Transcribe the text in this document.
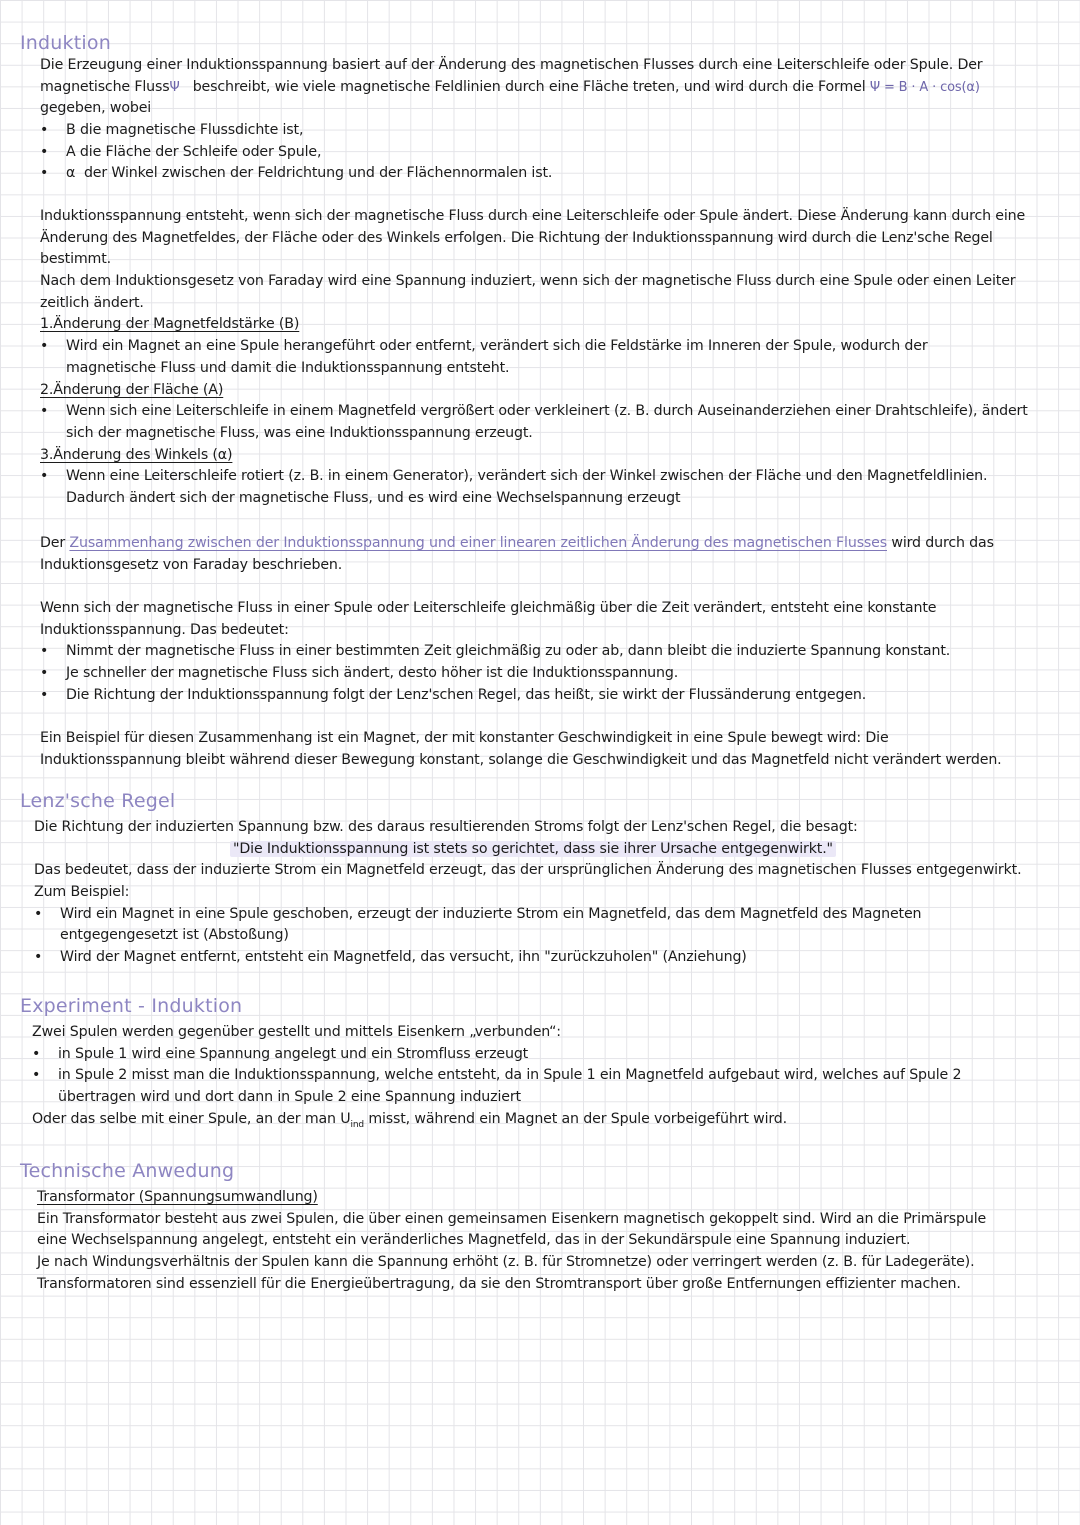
Induktion
Die Erzeugung einer Induktionsspannung basiert auf der Änderung des magnetischen Flusses durch eine Leiterschleife oder Spule. Der
magnetische FlussΨ beschreibt, wie viele magnetische Feldlinien durch eine Fläche treten, und wird durch die Formel Ψ = B · A · cos(α)
gegeben, wobei
• B die magnetische Flussdichte ist,
• A die Fläche der Schleife oder Spule,
• α der Winkel zwischen der Feldrichtung und der Flächennormalen ist.
Induktionsspannung entsteht, wenn sich der magnetische Fluss durch eine Leiterschleife oder Spule ändert. Diese Änderung kann durch eine
Änderung des Magnetfeldes, der Fläche oder des Winkels erfolgen. Die Richtung der Induktionsspannung wird durch die Lenz'sche Regel
bestimmt.
Nach dem Induktionsgesetz von Faraday wird eine Spannung induziert, wenn sich der magnetische Fluss durch eine Spule oder einen Leiter
zeitlich ändert.
1.Änderung der Magnetfeldstärke (B)
• Wird ein Magnet an eine Spule herangeführt oder entfernt, verändert sich die Feldstärke im Inneren der Spule, wodurch der
magnetische Fluss und damit die Induktionsspannung entsteht.
2.Änderung der Fläche (A)
• Wenn sich eine Leiterschleife in einem Magnetfeld vergrößert oder verkleinert (z. B. durch Auseinanderziehen einer Drahtschleife), ändert
sich der magnetische Fluss, was eine Induktionsspannung erzeugt.
3.Änderung des Winkels (α)
• Wenn eine Leiterschleife rotiert (z. B. in einem Generator), verändert sich der Winkel zwischen der Fläche und den Magnetfeldlinien.
Dadurch ändert sich der magnetische Fluss, und es wird eine Wechselspannung erzeugt
Der Zusammenhang zwischen der Induktionsspannung und einer linearen zeitlichen Änderung des magnetischen Flusses wird durch das
Induktionsgesetz von Faraday beschrieben.
Wenn sich der magnetische Fluss in einer Spule oder Leiterschleife gleichmäßig über die Zeit verändert, entsteht eine konstante
Induktionsspannung. Das bedeutet:
• Nimmt der magnetische Fluss in einer bestimmten Zeit gleichmäßig zu oder ab, dann bleibt die induzierte Spannung konstant.
• Je schneller der magnetische Fluss sich ändert, desto höher ist die Induktionsspannung.
• Die Richtung der Induktionsspannung folgt der Lenz'schen Regel, das heißt, sie wirkt der Flussänderung entgegen.
Ein Beispiel für diesen Zusammenhang ist ein Magnet, der mit konstanter Geschwindigkeit in eine Spule bewegt wird: Die
Induktionsspannung bleibt während dieser Bewegung konstant, solange die Geschwindigkeit und das Magnetfeld nicht verändert werden.
Lenz'sche Regel
Die Richtung der induzierten Spannung bzw. des daraus resultierenden Stroms folgt der Lenz'schen Regel, die besagt:
"Die Induktionsspannung ist stets so gerichtet, dass sie ihrer Ursache entgegenwirkt."
Das bedeutet, dass der induzierte Strom ein Magnetfeld erzeugt, das der ursprünglichen Änderung des magnetischen Flusses entgegenwirkt.
Zum Beispiel:
• Wird ein Magnet in eine Spule geschoben, erzeugt der induzierte Strom ein Magnetfeld, das dem Magnetfeld des Magneten
entgegengesetzt ist (Abstoßung)
• Wird der Magnet entfernt, entsteht ein Magnetfeld, das versucht, ihn "zurückzuholen" (Anziehung)
Experiment - Induktion
Zwei Spulen werden gegenüber gestellt und mittels Eisenkern „verbunden“:
• in Spule 1 wird eine Spannung angelegt und ein Stromfluss erzeugt
• in Spule 2 misst man die Induktionsspannung, welche entsteht, da in Spule 1 ein Magnetfeld aufgebaut wird, welches auf Spule 2
übertragen wird und dort dann in Spule 2 eine Spannung induziert
Oder das selbe mit einer Spule, an der man $U_{ind}$ misst, während ein Magnet an der Spule vorbeigeführt wird.
Technische Anwedung
Transformator (Spannungsumwandlung)
Ein Transformator besteht aus zwei Spulen, die über einen gemeinsamen Eisenkern magnetisch gekoppelt sind. Wird an die Primärspule
eine Wechselspannung angelegt, entsteht ein veränderliches Magnetfeld, das in der Sekundärspule eine Spannung induziert.
Je nach Windungsverhältnis der Spulen kann die Spannung erhöht (z. B. für Stromnetze) oder verringert werden (z. B. für Ladegeräte).
Transformatoren sind essenziell für die Energieübertragung, da sie den Stromtransport über große Entfernungen effizienter machen.
